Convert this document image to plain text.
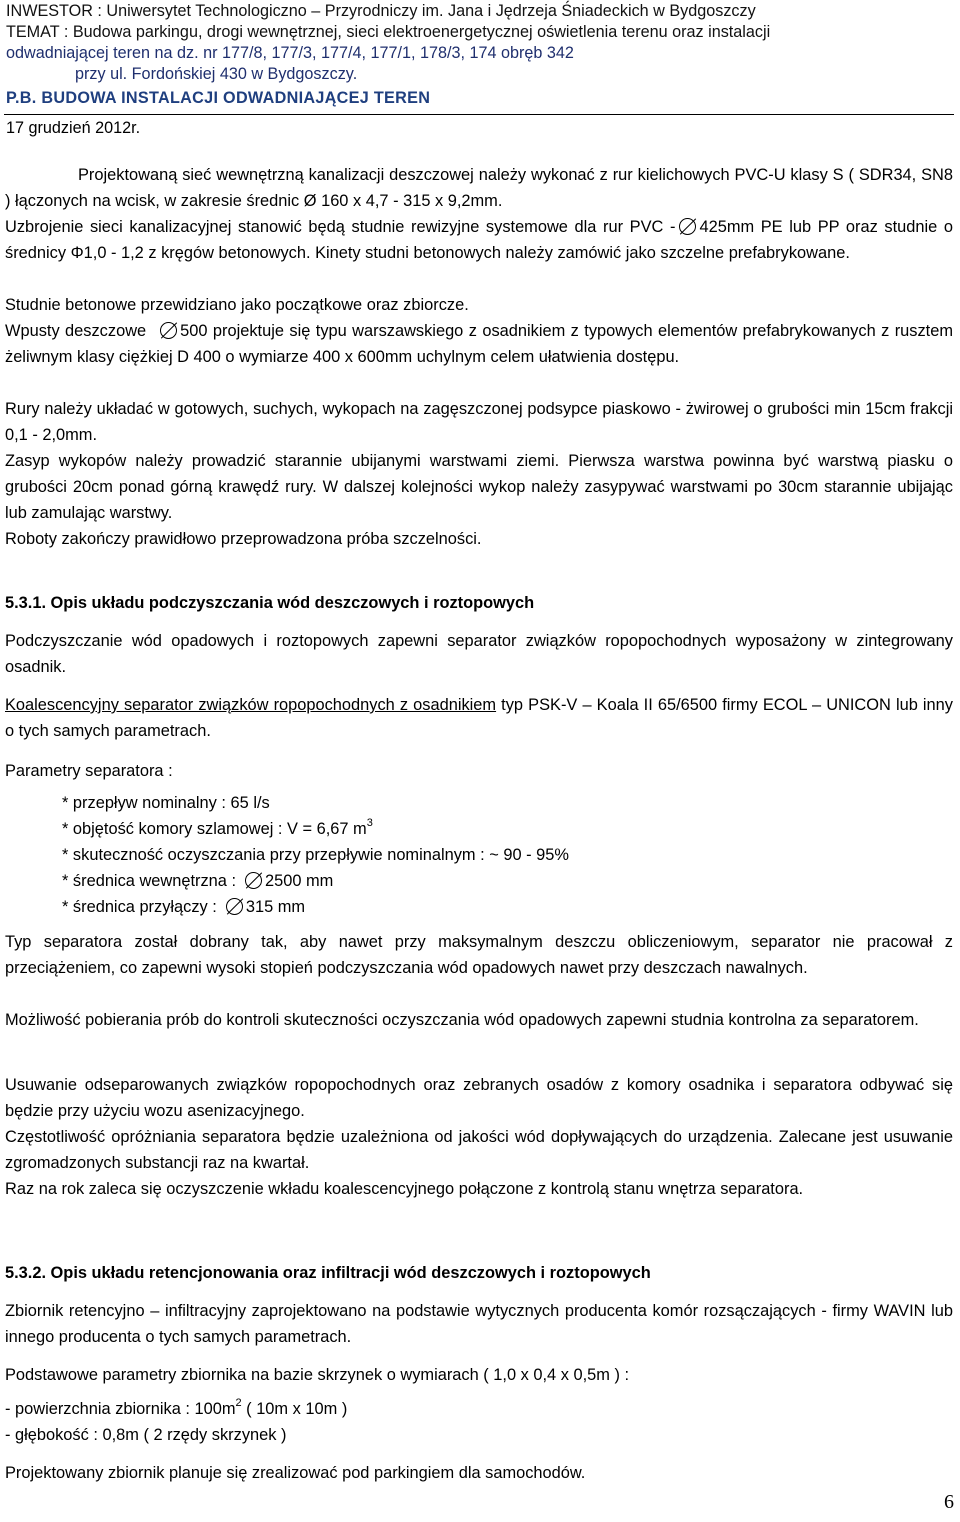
INWESTOR : Uniwersytet Technologiczno – Przyrodniczy im. Jana i Jędrzeja Śniadeckich w Bydgoszczy
TEMAT : Budowa parkingu, drogi wewnętrznej, sieci elektroenergetycznej oświetlenia terenu oraz instalacji
odwadniającej teren na dz. nr 177/8, 177/3, 177/4, 177/1, 178/3, 174 obręb 342
przy ul. Fordońskiej 430 w Bydgoszczy.
P.B. BUDOWA INSTALACJI ODWADNIAJĄCEJ TEREN
17 grudzień 2012r.
Projektowaną sieć wewnętrzną kanalizacji deszczowej należy wykonać z rur kielichowych PVC-U klasy S ( SDR34, SN8 ) łączonych na wcisk, w zakresie średnic Ø 160 x 4,7 - 315 x 9,2mm.
Uzbrojenie sieci kanalizacyjnej stanowić będą studnie rewizyjne systemowe dla rur PVC - 425mm PE lub PP oraz studnie o średnicy Φ1,0 - 1,2 z kręgów betonowych. Kinety studni betonowych należy zamówić jako szczelne prefabrykowane.
Studnie betonowe przewidziano jako początkowe oraz zbiorcze.
Wpusty deszczowe 500 projektuje się typu warszawskiego z osadnikiem z typowych elementów prefabrykowanych z rusztem żeliwnym klasy ciężkiej D 400 o wymiarze 400 x 600mm uchylnym celem ułatwienia dostępu.
Rury należy układać w gotowych, suchych, wykopach na zagęszczonej podsypce piaskowo - żwirowej o grubości min 15cm frakcji 0,1 - 2,0mm.
Zasyp wykopów należy prowadzić starannie ubijanymi warstwami ziemi. Pierwsza warstwa powinna być warstwą piasku o grubości 20cm ponad górną krawędź rury. W dalszej kolejności wykop należy zasypywać warstwami po 30cm starannie ubijając lub zamulając warstwy.
Roboty zakończy prawidłowo przeprowadzona próba szczelności.
5.3.1. Opis układu podczyszczania wód deszczowych i roztopowych
Podczyszczanie wód opadowych i roztopowych zapewni separator związków ropopochodnych wyposażony w zintegrowany osadnik.
Koalescencyjny separator związków ropopochodnych z osadnikiem typ PSK-V – Koala II 65/6500 firmy ECOL – UNICON lub inny o tych samych parametrach.
Parametry separatora :
* przepływ nominalny : 65 l/s
* objętość komory szlamowej : V = 6,67 $m^3$
* skuteczność oczyszczania przy przepływie nominalnym : ~ 90 - 95%
* średnica wewnętrzna : 2500 mm
* średnica przyłączy : 315 mm
Typ separatora został dobrany tak, aby nawet przy maksymalnym deszczu obliczeniowym, separator nie pracował z przeciążeniem, co zapewni wysoki stopień podczyszczania wód opadowych nawet przy deszczach nawalnych.
Możliwość pobierania prób do kontroli skuteczności oczyszczania wód opadowych zapewni studnia kontrolna za separatorem.
Usuwanie odseparowanych związków ropopochodnych oraz zebranych osadów z komory osadnika i separatora odbywać się będzie przy użyciu wozu asenizacyjnego.
Częstotliwość opróżniania separatora będzie uzależniona od jakości wód dopływających do urządzenia. Zalecane jest usuwanie zgromadzonych substancji raz na kwartał.
Raz na rok zaleca się oczyszczenie wkładu koalescencyjnego połączone z kontrolą stanu wnętrza separatora.
5.3.2. Opis układu retencjonowania oraz infiltracji wód deszczowych i roztopowych
Zbiornik retencyjno – infiltracyjny zaprojektowano na podstawie wytycznych producenta komór rozsączających - firmy WAVIN lub innego producenta o tych samych parametrach.
Podstawowe parametry zbiornika na bazie skrzynek o wymiarach ( 1,0 x 0,4 x 0,5m ) :
- powierzchnia zbiornika : $100m^2$ ( 10m x 10m )
- głębokość : 0,8m ( 2 rzędy skrzynek )
Projektowany zbiornik planuje się zrealizować pod parkingiem dla samochodów.
6
